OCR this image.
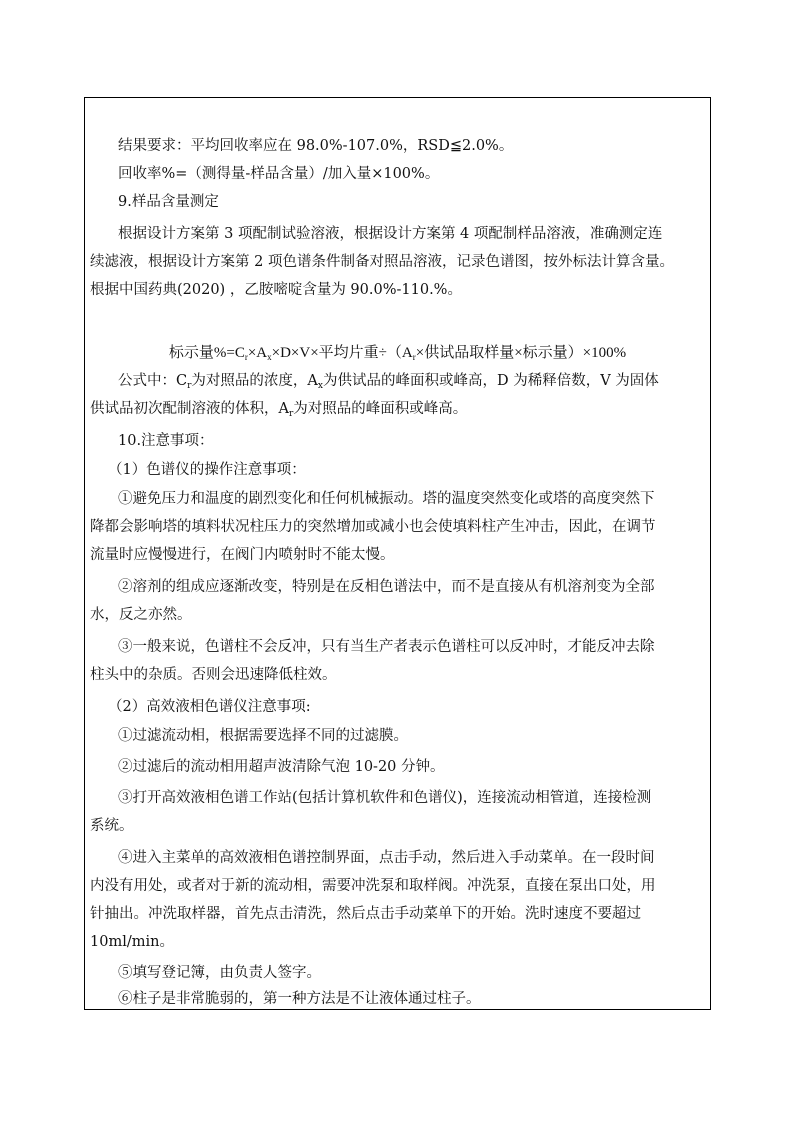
结果要求：平均回收率应在 98.0%-107.0%，RSD≦2.0%。
回收率%=（测得量-样品含量）/加入量×100%。
9.样品含量测定
根据设计方案第 3 项配制试验溶液，根据设计方案第 4 项配制样品溶液，准确测定连
续滤液，根据设计方案第 2 项色谱条件制备对照品溶液，记录色谱图，按外标法计算含量。
根据中国药典(2020) ，乙胺嘧啶含量为 90.0%-110.%。
标示量$\%=C_r\times A_x\times D\times V\times$平均片重$\div(A_r\times$供试品取样量×标示量）×100%
公式中：$C_r$为对照品的浓度，$A_x$为供试品的峰面积或峰高，D 为稀释倍数，V 为固体
供试品初次配制溶液的体积，$A_r$为对照品的峰面积或峰高。
10.注意事项：
（1）色谱仪的操作注意事项：
①避免压力和温度的剧烈变化和任何机械振动。塔的温度突然变化或塔的高度突然下
降都会影响塔的填料状况柱压力的突然增加或减小也会使填料柱产生冲击，因此，在调节
流量时应慢慢进行，在阀门内喷射时不能太慢。
②溶剂的组成应逐渐改变，特别是在反相色谱法中，而不是直接从有机溶剂变为全部
水，反之亦然。
③一般来说，色谱柱不会反冲，只有当生产者表示色谱柱可以反冲时，才能反冲去除
柱头中的杂质。否则会迅速降低柱效。
（2）高效液相色谱仪注意事项:
①过滤流动相，根据需要选择不同的过滤膜。
②过滤后的流动相用超声波清除气泡 10-20 分钟。
③打开高效液相色谱工作站(包括计算机软件和色谱仪)，连接流动相管道，连接检测
系统。
④进入主菜单的高效液相色谱控制界面，点击手动，然后进入手动菜单。在一段时间
内没有用处，或者对于新的流动相，需要冲洗泵和取样阀。冲洗泵，直接在泵出口处，用
针抽出。冲洗取样器，首先点击清洗，然后点击手动菜单下的开始。洗时速度不要超过
10ml/min。
⑤填写登记簿，由负责人签字。
⑥柱子是非常脆弱的，第一种方法是不让液体通过柱子。
